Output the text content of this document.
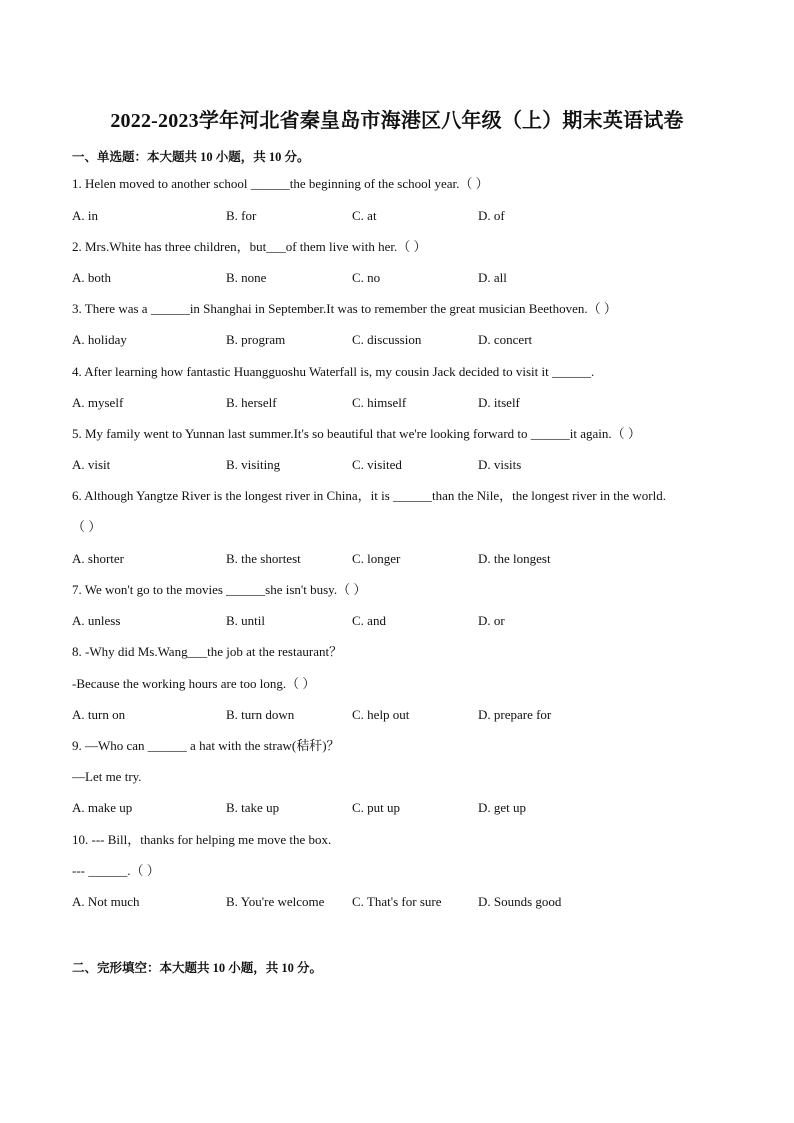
2022-2023学年河北省秦皇岛市海港区八年级（上）期末英语试卷
一、单选题：本大题共 10 小题，共 10 分。
1. Helen moved to another school ______the beginning of the school year.（ ）
A. in	B. for	C. at	D. of
2. Mrs.White has three children，but___of them live with her.（ ）
A. both	B. none	C. no	D. all
3. There was a ______in Shanghai in September.It was to remember the great musician Beethoven.（ ）
A. holiday	B. program	C. discussion	D. concert
4. After learning how fantastic Huangguoshu Waterfall is, my cousin Jack decided to visit it ______.
A. myself	B. herself	C. himself	D. itself
5. My family went to Yunnan last summer.It's so beautiful that we're looking forward to ______it again.（ ）
A. visit	B. visiting	C. visited	D. visits
6. Although Yangtze River is the longest river in China，it is ______than the Nile，the longest river in the world.
（ ）
A. shorter	B. the shortest	C. longer	D. the longest
7. We won't go to the movies ______she isn't busy.（ ）
A. unless	B. until	C. and	D. or
8. -Why did Ms.Wang___the job at the restaurant？
-Because the working hours are too long.（ ）
A. turn on	B. turn down	C. help out	D. prepare for
9. —Who can ______ a hat with the straw(秸秆)？
—Let me try.
A. make up	B. take up	C. put up	D. get up
10. --- Bill，thanks for helping me move the box.
--- ______.（ ）
A. Not much	B. You're welcome C. That's for sure	D. Sounds good
二、完形填空：本大题共 10 小题，共 10 分。
